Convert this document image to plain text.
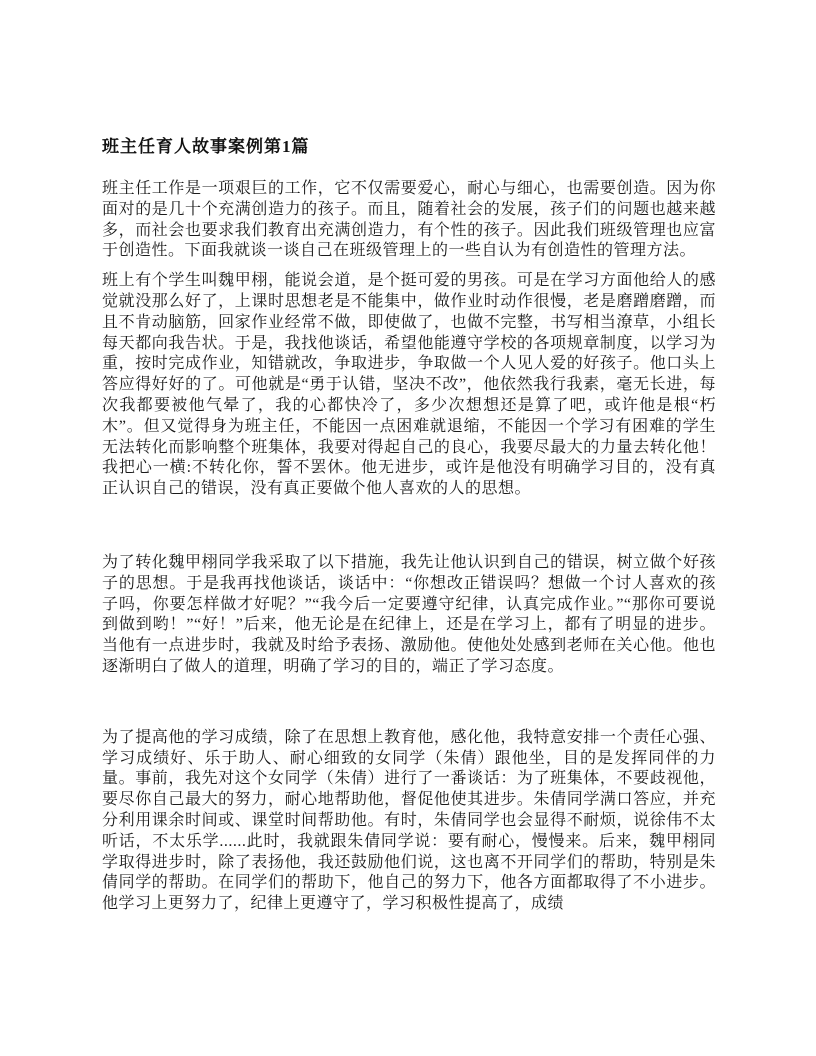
班主任育人故事案例第1篇

班主任工作是一项艰巨的工作，它不仅需要爱心，耐心与细心，也需要创造。因为你面对的是几十个充满创造力的孩子。而且，随着社会的发展，孩子们的问题也越来越多，而社会也要求我们教育出充满创造力，有个性的孩子。因此我们班级管理也应富于创造性。下面我就谈一谈自己在班级管理上的一些自认为有创造性的管理方法。

班上有个学生叫魏甲栩，能说会道，是个挺可爱的男孩。可是在学习方面他给人的感觉就没那么好了，上课时思想老是不能集中，做作业时动作很慢，老是磨蹭磨蹭，而且不肯动脑筋，回家作业经常不做，即使做了，也做不完整，书写相当潦草，小组长每天都向我告状。于是，我找他谈话，希望他能遵守学校的各项规章制度，以学习为重，按时完成作业，知错就改，争取进步，争取做一个人见人爱的好孩子。他口头上答应得好好的了。可他就是“勇于认错，坚决不改”，他依然我行我素，毫无长进，每次我都要被他气晕了，我的心都快冷了，多少次想想还是算了吧，或许他是根“朽木”。但又觉得身为班主任，不能因一点困难就退缩，不能因一个学习有困难的学生无法转化而影响整个班集体，我要对得起自己的良心，我要尽最大的力量去转化他！我把心一横:不转化你，誓不罢休。他无进步，或许是他没有明确学习目的，没有真正认识自己的错误，没有真正要做个他人喜欢的人的思想。

为了转化魏甲栩同学我采取了以下措施，我先让他认识到自己的错误，树立做个好孩子的思想。于是我再找他谈话，谈话中：“你想改正错误吗？想做一个讨人喜欢的孩子吗，你要怎样做才好呢？”“我今后一定要遵守纪律，认真完成作业。”“那你可要说到做到哟！”“好！”后来，他无论是在纪律上，还是在学习上，都有了明显的进步。当他有一点进步时，我就及时给予表扬、激励他。使他处处感到老师在关心他。他也逐渐明白了做人的道理，明确了学习的目的，端正了学习态度。

为了提高他的学习成绩，除了在思想上教育他，感化他，我特意安排一个责任心强、学习成绩好、乐于助人、耐心细致的女同学（朱倩）跟他坐，目的是发挥同伴的力量。事前，我先对这个女同学（朱倩）进行了一番谈话：为了班集体，不要歧视他，要尽你自己最大的努力，耐心地帮助他，督促他使其进步。朱倩同学满口答应，并充分利用课余时间或、课堂时间帮助他。有时，朱倩同学也会显得不耐烦，说徐伟不太听话，不太乐学......此时，我就跟朱倩同学说：要有耐心，慢慢来。后来，魏甲栩同学取得进步时，除了表扬他，我还鼓励他们说，这也离不开同学们的帮助，特别是朱倩同学的帮助。在同学们的帮助下，他自己的努力下，他各方面都取得了不小进步。他学习上更努力了，纪律上更遵守了，学习积极性提高了，成绩
